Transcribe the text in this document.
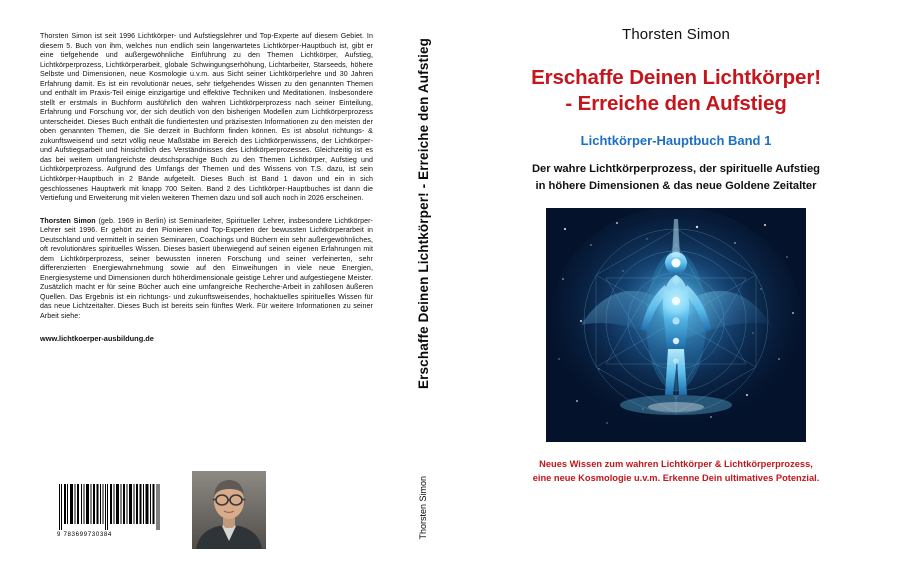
Thorsten Simon ist seit 1996 Lichtkörper- und Aufstiegslehrer und Top-Experte auf diesem Gebiet. In diesem 5. Buch von ihm, welches nun endlich sein langerwartetes Lichtkörper-Hauptbuch ist, gibt er eine tiefgehende und außergewöhnliche Einführung zu den Themen Lichtkörper, Aufstieg, Lichtkörperprozess, Lichtkörperarbeit, globale Schwingungserhöhung, Lichtarbeiter, Starseeds, höhere Selbste und Dimensionen, neue Kosmologie u.v.m. aus Sicht seiner Lichtkörperlehre und 30 Jahren Erfahrung damit. Es ist ein revolutionär neues, sehr tiefgehendes Wissen zu den genannten Themen und enthält im Praxis-Teil einige einzigartige und effektive Techniken und Meditationen. Insbesondere stellt er erstmals in Buchform ausführlich den wahren Lichtkörperprozess nach seiner Einteilung, Erfahrung und Forschung vor, der sich deutlich von den bisherigen Modellen zum Lichtkörperprozess unterscheidet. Dieses Buch enthält die fundiertesten und präzisesten Informationen zu den meisten der oben genannten Themen, die Sie derzeit in Buchform finden können. Es ist absolut richtungs- & zukunftsweisend und setzt völlig neue Maßstäbe im Bereich des Lichtkörperwissens, der Lichtkörper- und Aufstiegsarbeit und hinsichtlich des Verständnisses des Lichtkörperprozesses. Gleichzeitig ist es das bei weitem umfangreichste deutschsprachige Buch zu den Themen Lichtkörper, Aufstieg und Lichtkörperprozess. Aufgrund des Umfangs der Themen und des Wissens von T.S. dazu, ist sein Lichtkörper-Hauptbuch in 2 Bände aufgeteilt. Dieses Buch ist Band 1 davon und ein in sich geschlossenes Hauptwerk mit knapp 700 Seiten. Band 2 des Lichtkörper-Hauptbuches ist dann die Vertiefung und Erweiterung mit vielen weiteren Themen dazu und soll auch noch in 2026 erscheinen.
Thorsten Simon (geb. 1969 in Berlin) ist Seminarleiter, Spiritueller Lehrer, insbesondere Lichtkörper-Lehrer seit 1996. Er gehört zu den Pionieren und Top-Experten der bewussten Lichtkörperarbeit in Deutschland und vermittelt in seinen Seminaren, Coachings und Büchern ein sehr außergewöhnliches, oft revolutionäres spirituelles Wissen. Dieses basiert überwiegend auf seinen eigenen Erfahrungen mit dem Lichtkörperprozess, seiner bewussten inneren Forschung und seiner verfeinerten, sehr differenzierten Energiewahrnehmung sowie auf den Einweihungen in viele neue Energien, Energiesysteme und Dimensionen durch höherdimensionale geistige Lehrer und aufgestiegene Meister. Zusätzlich macht er für seine Bücher auch eine umfangreiche Recherche-Arbeit in zahllosen äußeren Quellen. Das Ergebnis ist ein richtungs- und zukunftsweisendes, hochaktuelles spirituelles Wissen für das neue Lichtzeitalter. Dieses Buch ist bereits sein fünftes Werk. Für weitere Informationen zu seiner Arbeit siehe:
www.lichtkoerper-ausbildung.de
9 783699730384
Erschaffe Deinen Lichtkörper! - Erreiche den Aufstieg
Thorsten Simon
Thorsten Simon
Erschaffe Deinen Lichtkörper!
- Erreiche den Aufstieg
Lichtkörper-Hauptbuch Band 1
Der wahre Lichtkörperprozess, der spirituelle Aufstieg
in höhere Dimensionen & das neue Goldene Zeitalter
Neues Wissen zum wahren Lichtkörper & Lichtkörperprozess,
eine neue Kosmologie u.v.m. Erkenne Dein ultimatives Potenzial.
